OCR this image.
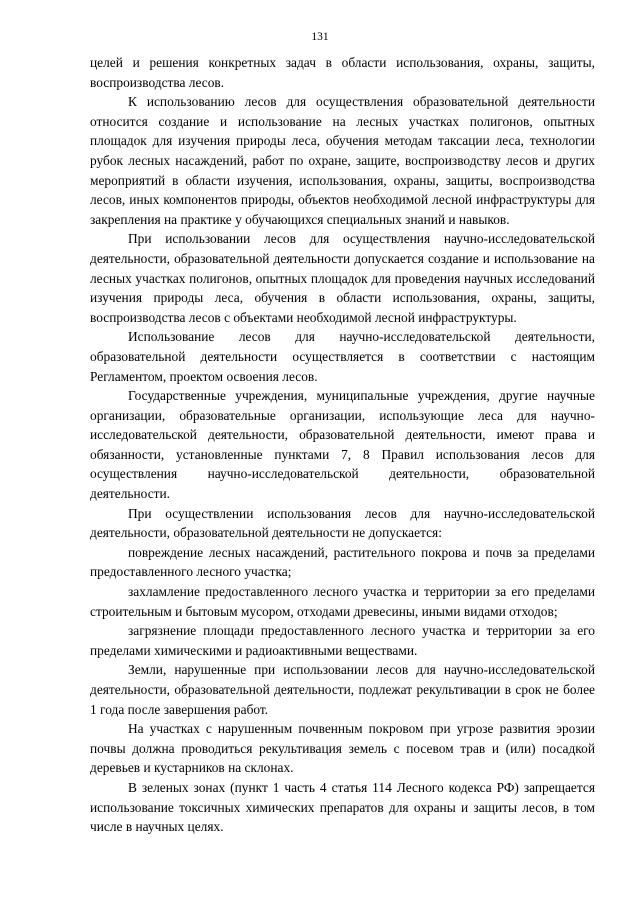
131

целей и решения конкретных задач в области использования, охраны, защиты, воспроизводства лесов.

К использованию лесов для осуществления образовательной деятельности относится создание и использование на лесных участках полигонов, опытных площадок для изучения природы леса, обучения методам таксации леса, технологии рубок лесных насаждений, работ по охране, защите, воспроизводству лесов и других мероприятий в области изучения, использования, охраны, защиты, воспроизводства лесов, иных компонентов природы, объектов необходимой лесной инфраструктуры для закрепления на практике у обучающихся специальных знаний и навыков.

При использовании лесов для осуществления научно-исследовательской деятельности, образовательной деятельности допускается создание и использование на лесных участках полигонов, опытных площадок для проведения научных исследований изучения природы леса, обучения в области использования, охраны, защиты, воспроизводства лесов с объектами необходимой лесной инфраструктуры.

Использование лесов для научно-исследовательской деятельности, образовательной деятельности осуществляется в соответствии с настоящим Регламентом, проектом освоения лесов.

Государственные учреждения, муниципальные учреждения, другие научные организации, образовательные организации, использующие леса для научно-исследовательской деятельности, образовательной деятельности, имеют права и обязанности, установленные пунктами 7, 8 Правил использования лесов для осуществления научно-исследовательской деятельности, образовательной деятельности.

При осуществлении использования лесов для научно-исследовательской деятельности, образовательной деятельности не допускается:

повреждение лесных насаждений, растительного покрова и почв за пределами предоставленного лесного участка;

захламление предоставленного лесного участка и территории за его пределами строительным и бытовым мусором, отходами древесины, иными видами отходов;

загрязнение площади предоставленного лесного участка и территории за его пределами химическими и радиоактивными веществами.

Земли, нарушенные при использовании лесов для научно-исследовательской деятельности, образовательной деятельности, подлежат рекультивации в срок не более 1 года после завершения работ.

На участках с нарушенным почвенным покровом при угрозе развития эрозии почвы должна проводиться рекультивация земель с посевом трав и (или) посадкой деревьев и кустарников на склонах.

В зеленых зонах (пункт 1 часть 4 статья 114 Лесного кодекса РФ) запрещается использование токсичных химических препаратов для охраны и защиты лесов, в том числе в научных целях.
